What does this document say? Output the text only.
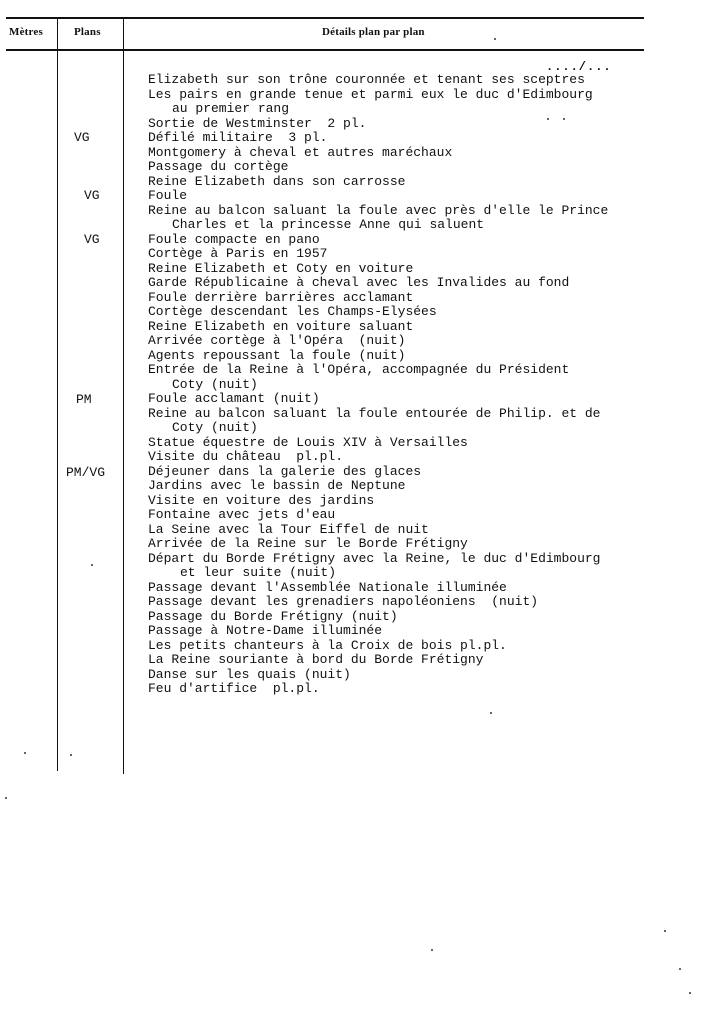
Mètres	Plans	Détails plan par plan
..../...
VG
VG
VG
PM
PM/VG
Elizabeth sur son trône couronnée et tenant ses sceptres
Les pairs en grande tenue et parmi eux le duc d'Edimbourg
au premier rang
Sortie de Westminster  2 pl.
Défilé militaire  3 pl.
Montgomery à cheval et autres maréchaux
Passage du cortège
Reine Elizabeth dans son carrosse
Foule
Reine au balcon saluant la foule avec près d'elle le Prince
Charles et la princesse Anne qui saluent
Foule compacte en pano
Cortège à Paris en 1957
Reine Elizabeth et Coty en voiture
Garde Républicaine à cheval avec les Invalides au fond
Foule derrière barrières acclamant
Cortège descendant les Champs-Elysées
Reine Elizabeth en voiture saluant
Arrivée cortège à l'Opéra  (nuit)
Agents repoussant la foule (nuit)
Entrée de la Reine à l'Opéra, accompagnée du Président
Coty (nuit)
Foule acclamant (nuit)
Reine au balcon saluant la foule entourée de Philip. et de
Coty (nuit)
Statue équestre de Louis XIV à Versailles
Visite du château  pl.pl.
Déjeuner dans la galerie des glaces
Jardins avec le bassin de Neptune
Visite en voiture des jardins
Fontaine avec jets d'eau
La Seine avec la Tour Eiffel de nuit
Arrivée de la Reine sur le Borde Frétigny
Départ du Borde Frétigny avec la Reine, le duc d'Edimbourg
et leur suite (nuit)
Passage devant l'Assemblée Nationale illuminée
Passage devant les grenadiers napoléoniens  (nuit)
Passage du Borde Frétigny (nuit)
Passage à Notre-Dame illuminée
Les petits chanteurs à la Croix de bois pl.pl.
La Reine souriante à bord du Borde Frétigny
Danse sur les quais (nuit)
Feu d'artifice  pl.pl.
